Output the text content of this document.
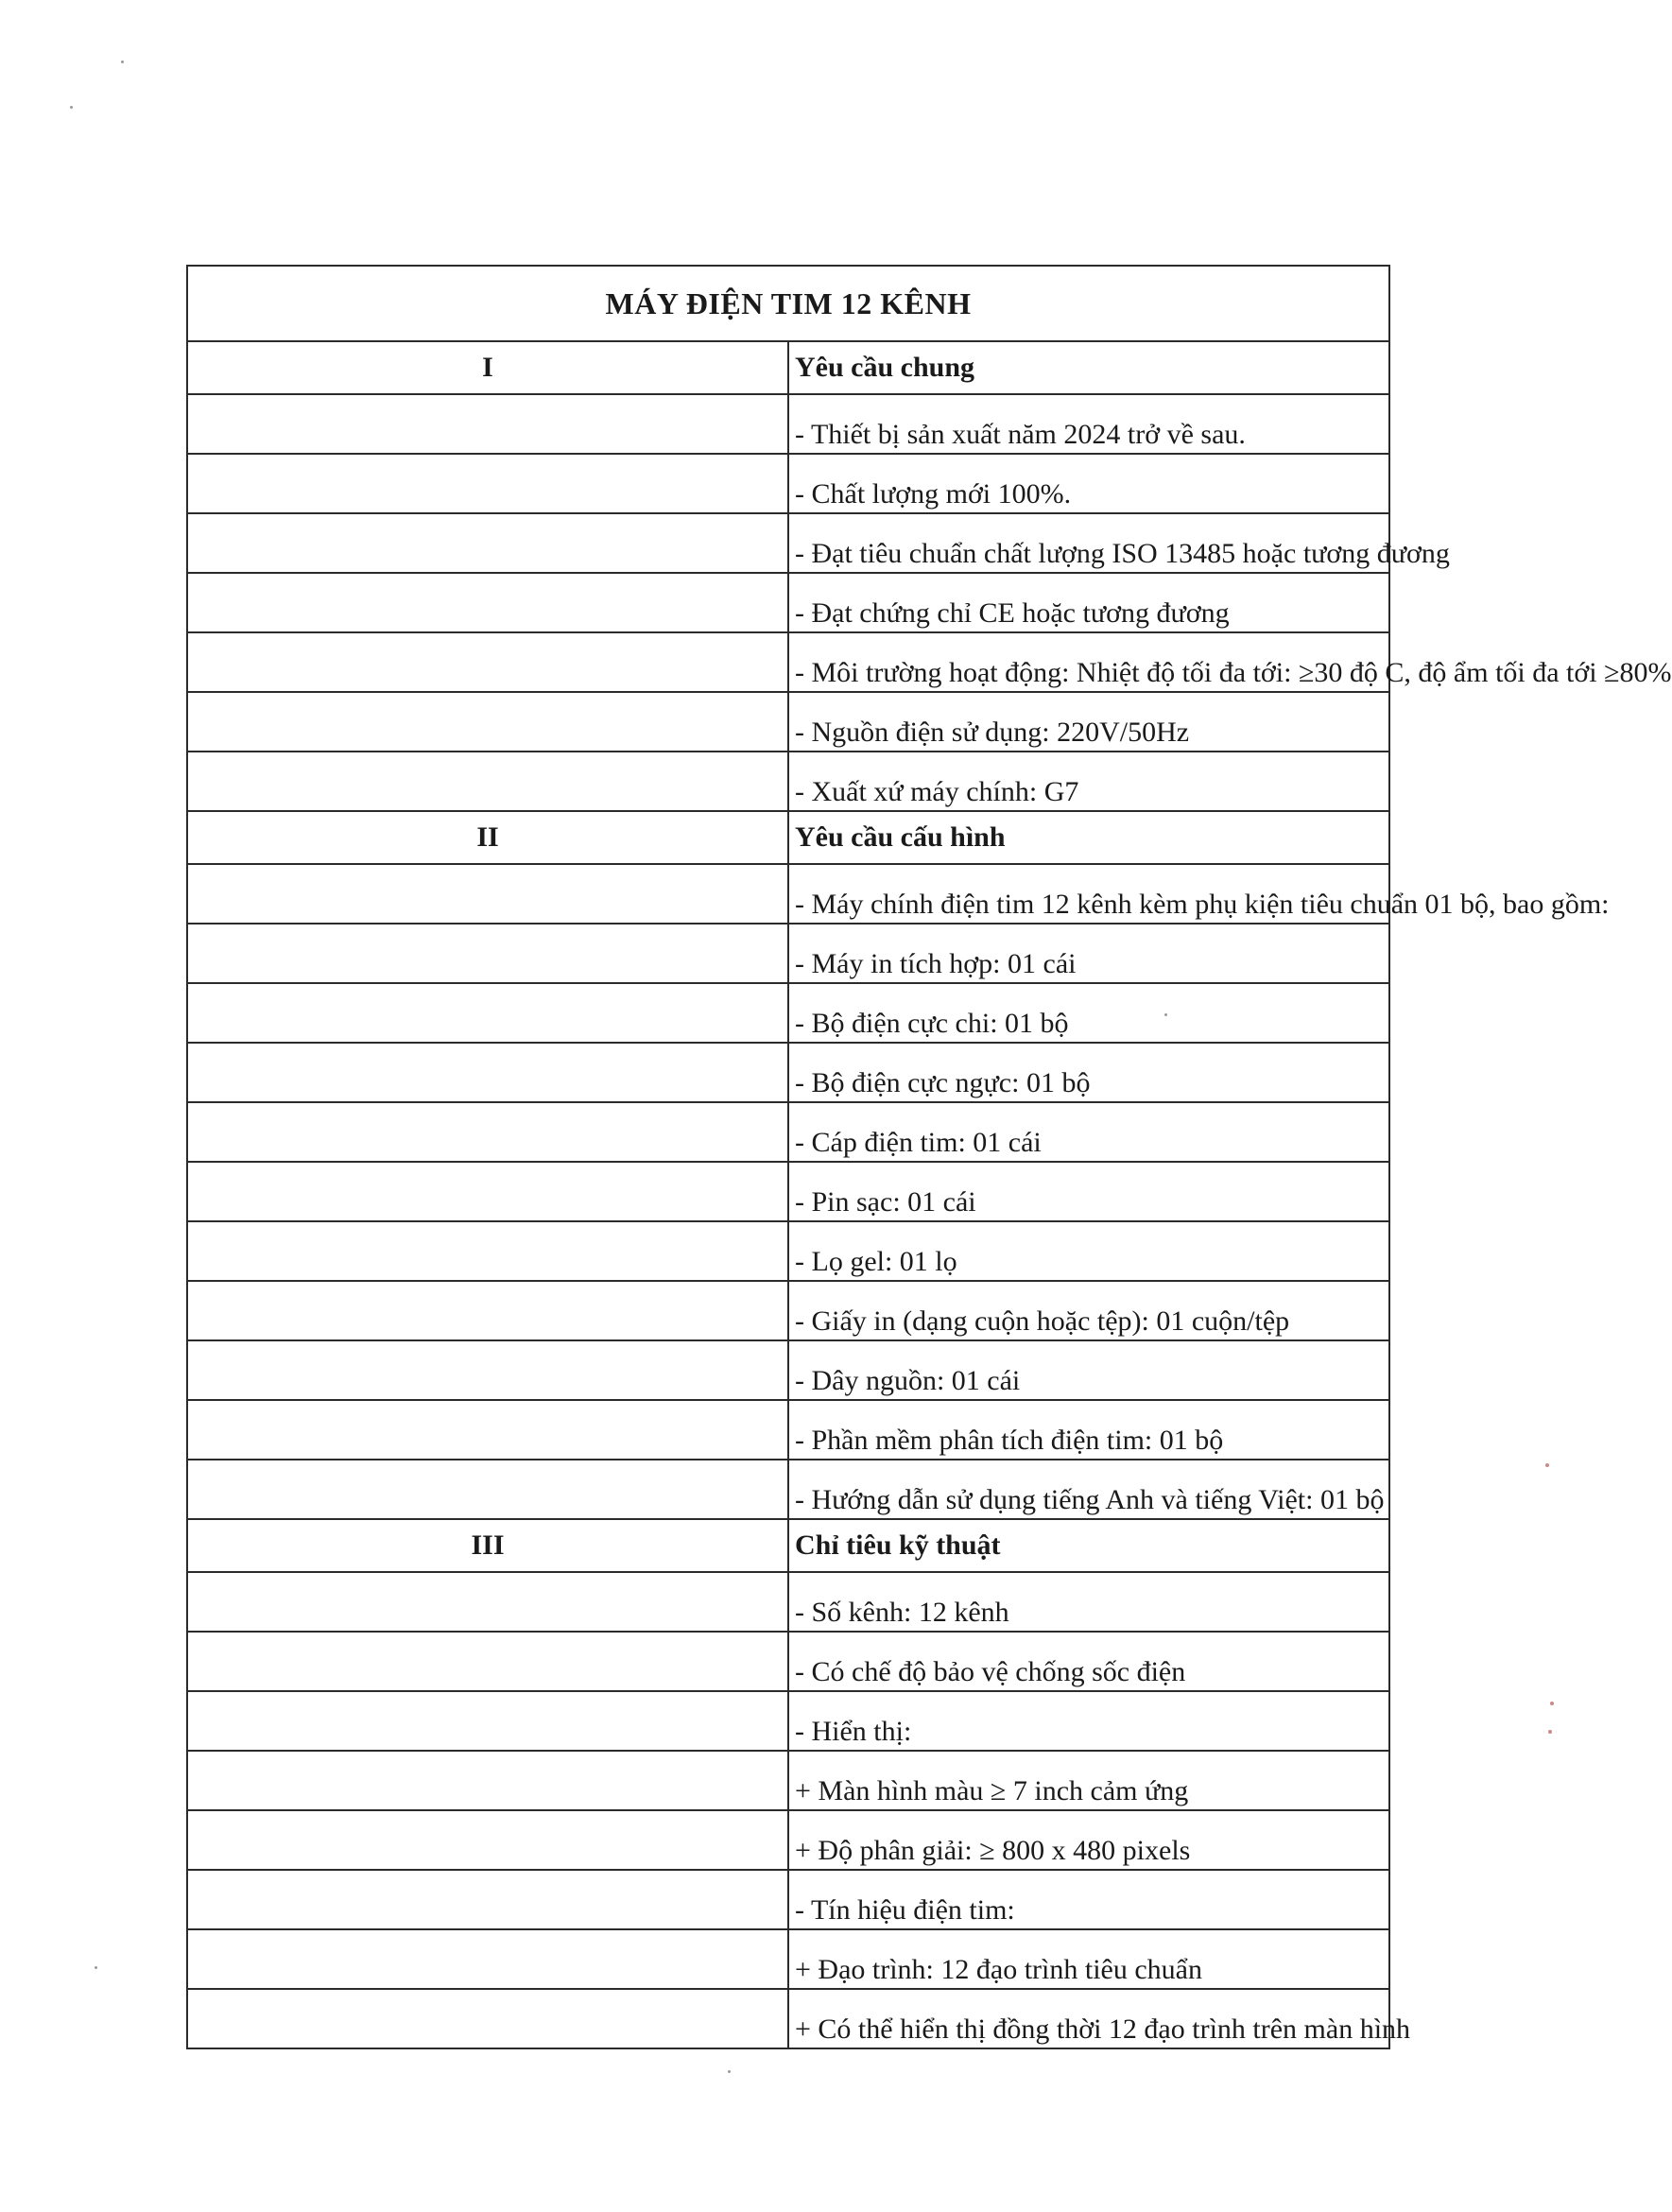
MÁY ĐIỆN TIM 12 KÊNH	
I	Yêu cầu chung
	- Thiết bị sản xuất năm 2024 trở về sau.
	- Chất lượng mới 100%.
	- Đạt tiêu chuẩn chất lượng ISO 13485 hoặc tương đương
	- Đạt chứng chỉ CE hoặc tương đương
	- Môi trường hoạt động: Nhiệt độ tối đa tới: ≥30 độ C, độ ẩm tối đa tới ≥80%
	- Nguồn điện sử dụng: 220V/50Hz
	- Xuất xứ máy chính: G7
II	Yêu cầu cấu hình
	- Máy chính điện tim 12 kênh kèm phụ kiện tiêu chuẩn 01 bộ, bao gồm:
	- Máy in tích hợp: 01 cái
	- Bộ điện cực chi: 01 bộ
	- Bộ điện cực ngực: 01 bộ
	- Cáp điện tim: 01 cái
	- Pin sạc: 01 cái
	- Lọ gel: 01 lọ
	- Giấy in (dạng cuộn hoặc tệp): 01 cuộn/tệp
	- Dây nguồn: 01 cái
	- Phần mềm phân tích điện tim: 01 bộ
	- Hướng dẫn sử dụng tiếng Anh và tiếng Việt: 01 bộ
III	Chỉ tiêu kỹ thuật
	- Số kênh: 12 kênh
	- Có chế độ bảo vệ chống sốc điện
	- Hiển thị:
	+ Màn hình màu ≥ 7 inch cảm ứng
	+ Độ phân giải: ≥ 800 x 480 pixels
	- Tín hiệu điện tim:
	+ Đạo trình: 12 đạo trình tiêu chuẩn
	+ Có thể hiển thị đồng thời 12 đạo trình trên màn hình
